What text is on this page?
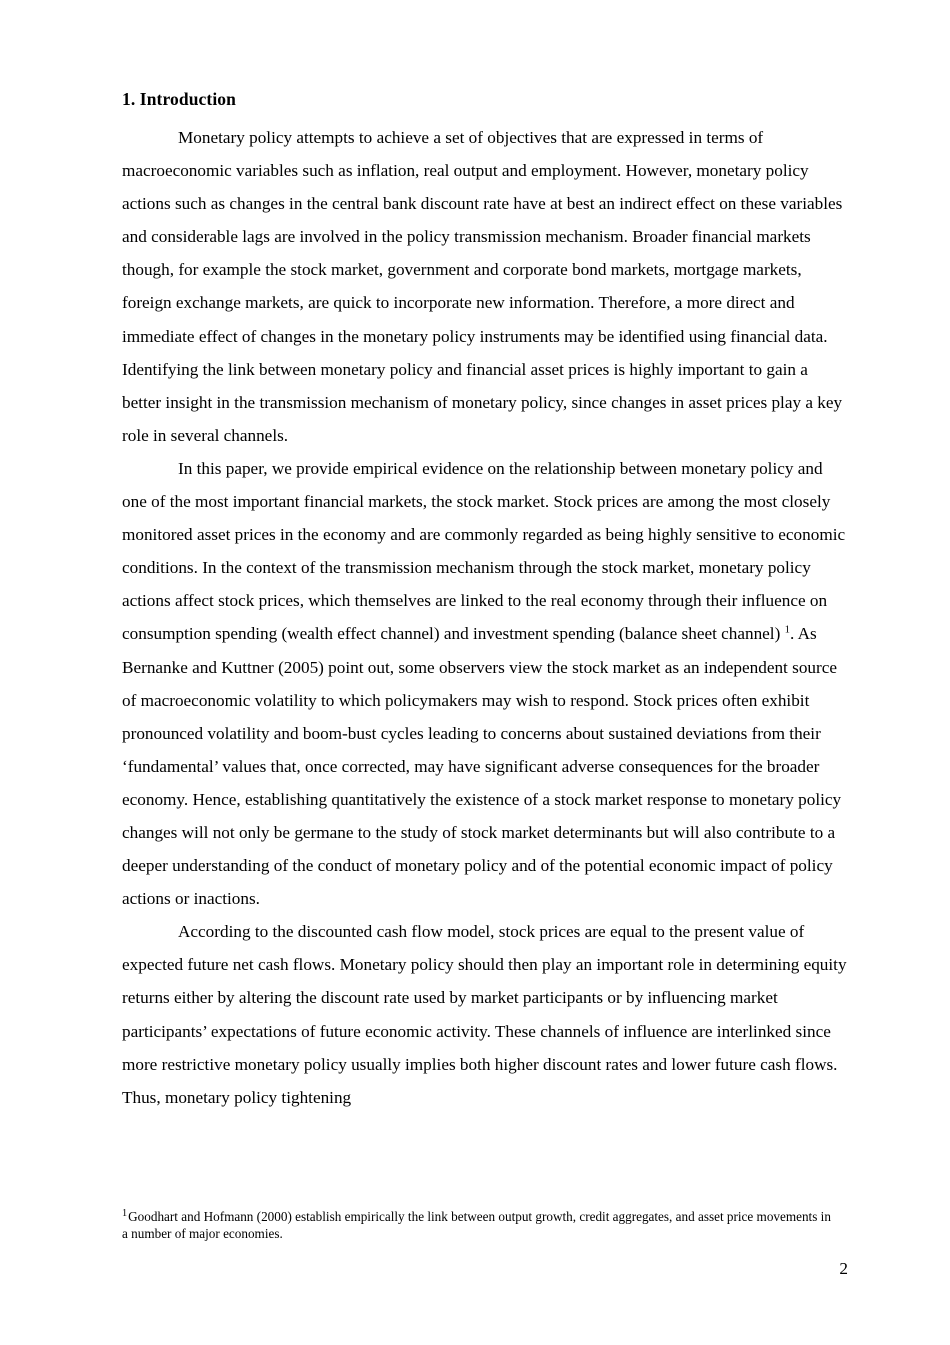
1. Introduction

Monetary policy attempts to achieve a set of objectives that are expressed in terms of macroeconomic variables such as inflation, real output and employment. However, monetary policy actions such as changes in the central bank discount rate have at best an indirect effect on these variables and considerable lags are involved in the policy transmission mechanism. Broader financial markets though, for example the stock market, government and corporate bond markets, mortgage markets, foreign exchange markets, are quick to incorporate new information. Therefore, a more direct and immediate effect of changes in the monetary policy instruments may be identified using financial data. Identifying the link between monetary policy and financial asset prices is highly important to gain a better insight in the transmission mechanism of monetary policy, since changes in asset prices play a key role in several channels.

In this paper, we provide empirical evidence on the relationship between monetary policy and one of the most important financial markets, the stock market. Stock prices are among the most closely monitored asset prices in the economy and are commonly regarded as being highly sensitive to economic conditions. In the context of the transmission mechanism through the stock market, monetary policy actions affect stock prices, which themselves are linked to the real economy through their influence on consumption spending (wealth effect channel) and investment spending (balance sheet channel) $^1$. As Bernanke and Kuttner (2005) point out, some observers view the stock market as an independent source of macroeconomic volatility to which policymakers may wish to respond. Stock prices often exhibit pronounced volatility and boom-bust cycles leading to concerns about sustained deviations from their ‘fundamental’ values that, once corrected, may have significant adverse consequences for the broader economy. Hence, establishing quantitatively the existence of a stock market response to monetary policy changes will not only be germane to the study of stock market determinants but will also contribute to a deeper understanding of the conduct of monetary policy and of the potential economic impact of policy actions or inactions.

According to the discounted cash flow model, stock prices are equal to the present value of expected future net cash flows. Monetary policy should then play an important role in determining equity returns either by altering the discount rate used by market participants or by influencing market participants’ expectations of future economic activity. These channels of influence are interlinked since more restrictive monetary policy usually implies both higher discount rates and lower future cash flows. Thus, monetary policy tightening

$^1$Goodhart and Hofmann (2000) establish empirically the link between output growth, credit aggregates, and asset price movements in a number of major economies.

2
